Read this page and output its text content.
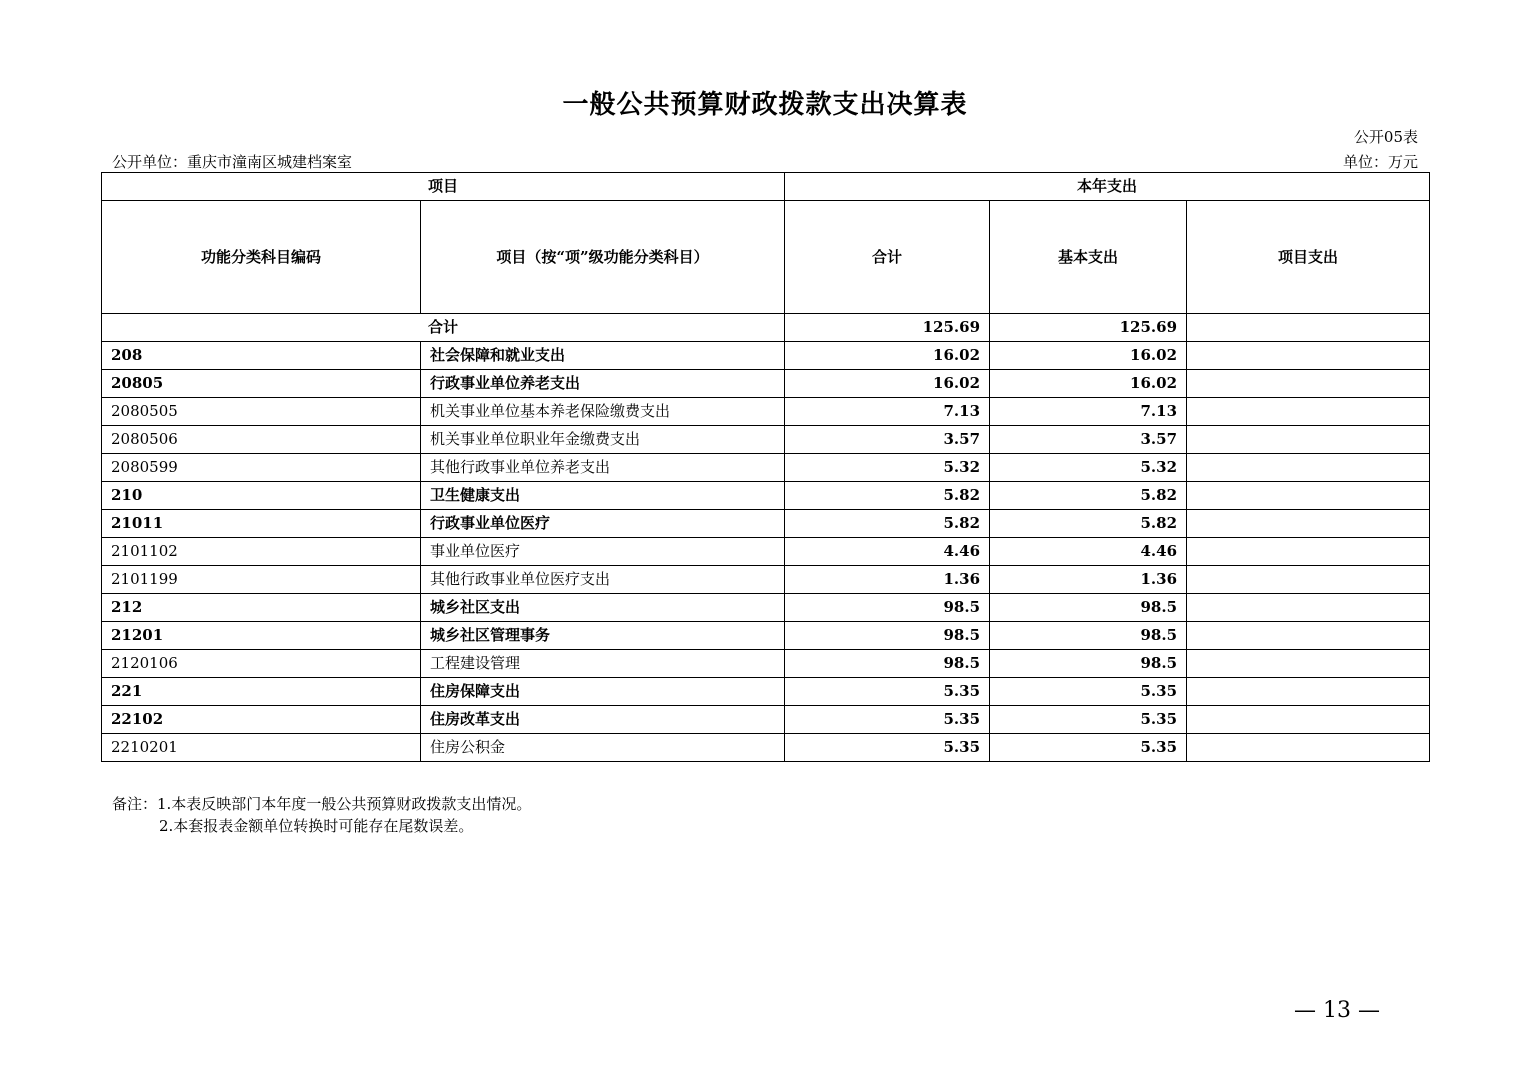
一般公共预算财政拨款支出决算表
公开05表
公开单位：重庆市潼南区城建档案室	单位：万元
项目		本年支出		
功能分类科目编码	项目（按“项”级功能分类科目）	合计	基本支出	项目支出
合计		125.69	125.69	
208	社会保障和就业支出	16.02	16.02	
20805	行政事业单位养老支出	16.02	16.02	
2080505	机关事业单位基本养老保险缴费支出	7.13	7.13	
2080506	机关事业单位职业年金缴费支出	3.57	3.57	
2080599	其他行政事业单位养老支出	5.32	5.32	
210	卫生健康支出	5.82	5.82	
21011	行政事业单位医疗	5.82	5.82	
2101102	事业单位医疗	4.46	4.46	
2101199	其他行政事业单位医疗支出	1.36	1.36	
212	城乡社区支出	98.5	98.5	
21201	城乡社区管理事务	98.5	98.5	
2120106	工程建设管理	98.5	98.5	
221	住房保障支出	5.35	5.35	
22102	住房改革支出	5.35	5.35	
2210201	住房公积金	5.35	5.35	
备注：1.本表反映部门本年度一般公共预算财政拨款支出情况。
2.本套报表金额单位转换时可能存在尾数误差。
— 13 —
